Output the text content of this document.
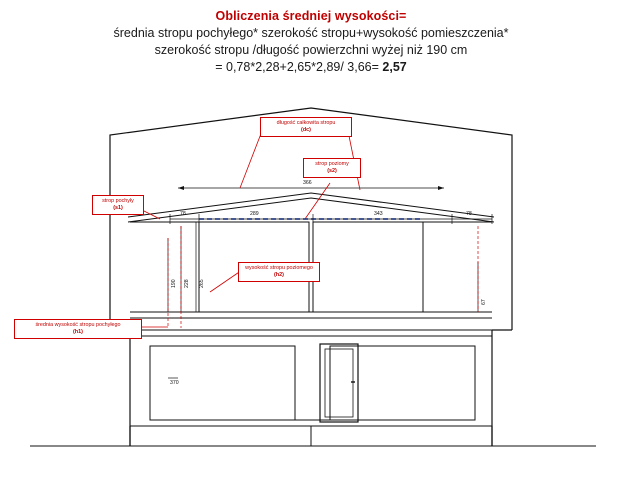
Obliczenia średniej wysokości=
średnia stropu pochyłego* szerokość stropu+wysokość pomieszczenia*
szerokość stropu /długość powierzchni wyżej niż 190 cm
= 0,78*2,28+2,65*2,89/ 3,66= 2,57
366
78	289	343	78
190 228 265
67
370
długość całkowita stropu
(dc)
strop poziomy
(s2)
strop pochyły
(s1)
wysokość stropu poziomego
(h2)
średnia wysokość stropu pochyłego
(h1)
